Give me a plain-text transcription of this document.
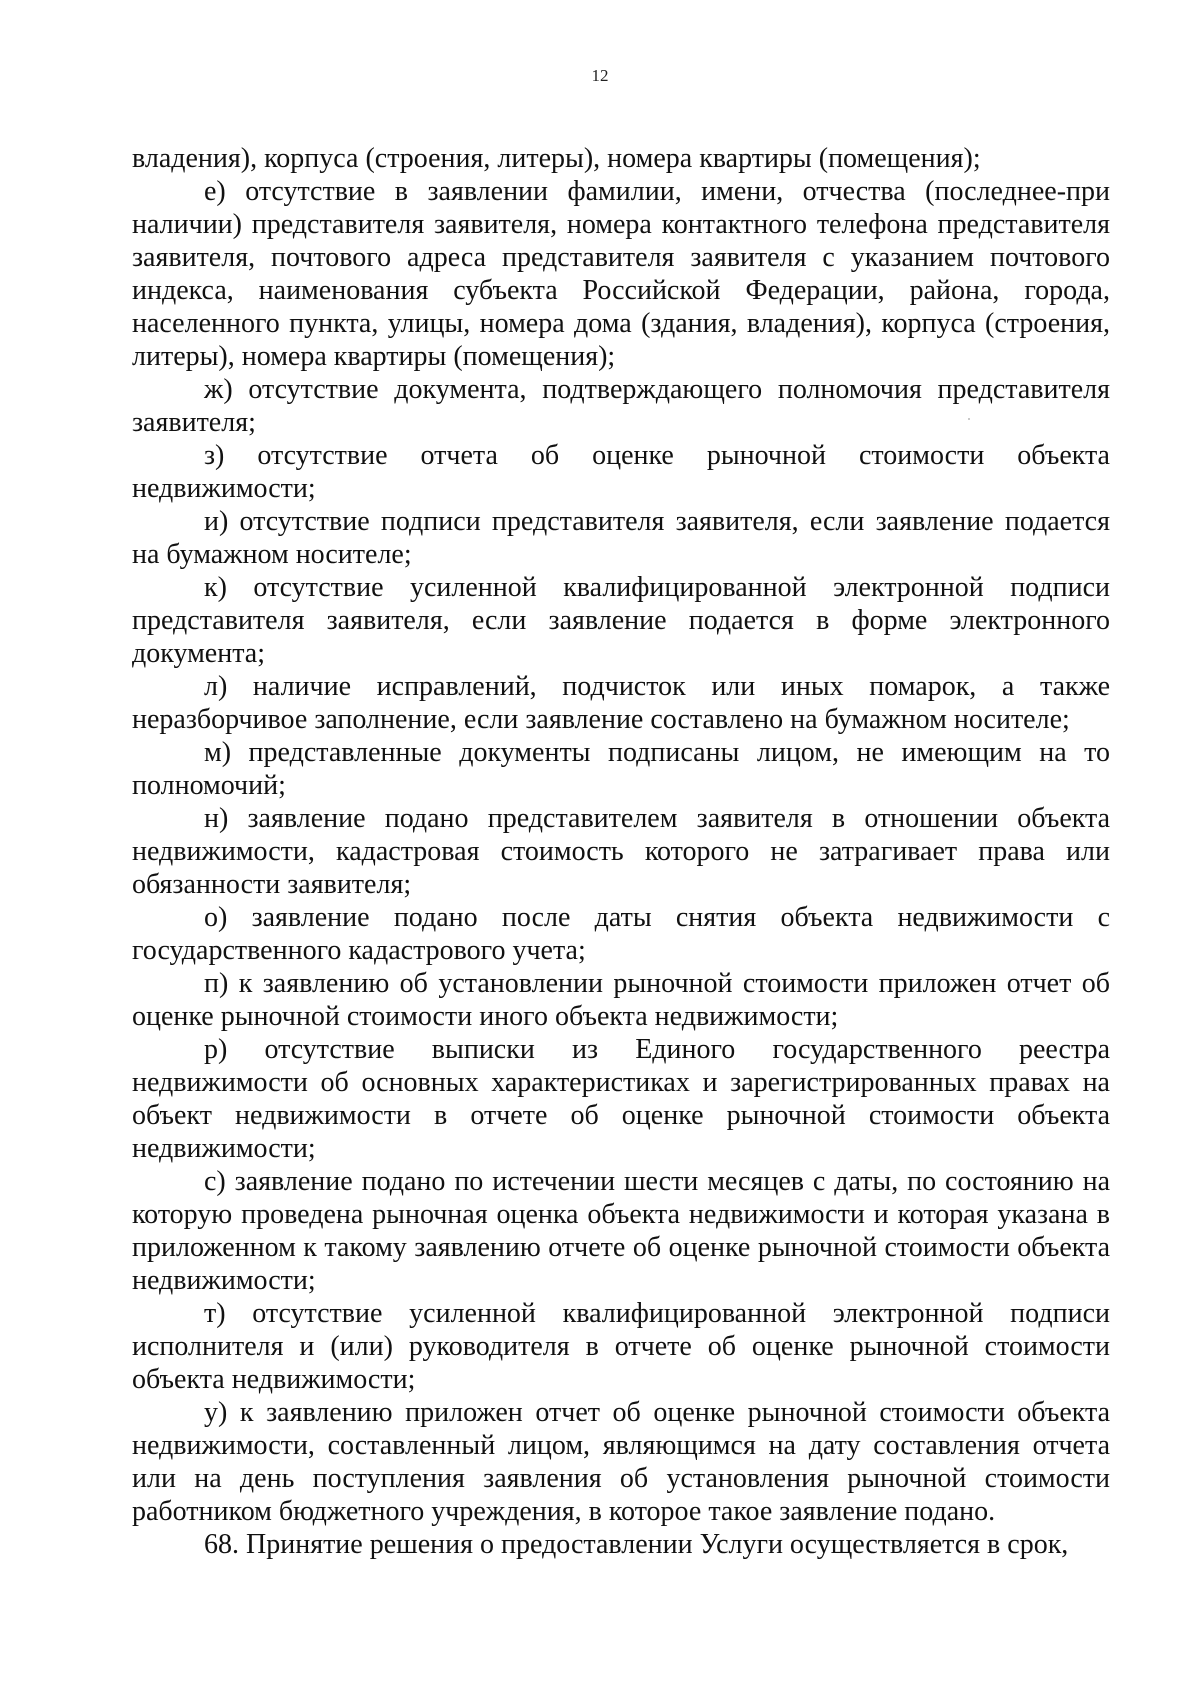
12

владения), корпуса (строения, литеры), номера квартиры (помещения);

е) отсутствие в заявлении фамилии, имени, отчества (последнее-при наличии) представителя заявителя, номера контактного телефона представителя заявителя, почтового адреса представителя заявителя с указанием почтового индекса, наименования субъекта Российской Федерации, района, города, населенного пункта, улицы, номера дома (здания, владения), корпуса (строения, литеры), номера квартиры (помещения);

ж) отсутствие документа, подтверждающего полномочия представителя заявителя;

з) отсутствие отчета об оценке рыночной стоимости объекта недвижимости;

и) отсутствие подписи представителя заявителя, если заявление подается на бумажном носителе;

к) отсутствие усиленной квалифицированной электронной подписи представителя заявителя, если заявление подается в форме электронного документа;

л) наличие исправлений, подчисток или иных помарок, а также неразборчивое заполнение, если заявление составлено на бумажном носителе;

м) представленные документы подписаны лицом, не имеющим на то полномочий;

н) заявление подано представителем заявителя в отношении объекта недвижимости, кадастровая стоимость которого не затрагивает права или обязанности заявителя;

о) заявление подано после даты снятия объекта недвижимости с государственного кадастрового учета;

п) к заявлению об установлении рыночной стоимости приложен отчет об оценке рыночной стоимости иного объекта недвижимости;

р) отсутствие выписки из Единого государственного реестра недвижимости об основных характеристиках и зарегистрированных правах на объект недвижимости в отчете об оценке рыночной стоимости объекта недвижимости;

с) заявление подано по истечении шести месяцев с даты, по состоянию на которую проведена рыночная оценка объекта недвижимости и которая указана в приложенном к такому заявлению отчете об оценке рыночной стоимости объекта недвижимости;

т) отсутствие усиленной квалифицированной электронной подписи исполнителя и (или) руководителя в отчете об оценке рыночной стоимости объекта недвижимости;

у) к заявлению приложен отчет об оценке рыночной стоимости объекта недвижимости, составленный лицом, являющимся на дату составления отчета или на день поступления заявления об установления рыночной стоимости работником бюджетного учреждения, в которое такое заявление подано.

68. Принятие решения о предоставлении Услуги осуществляется в срок,
